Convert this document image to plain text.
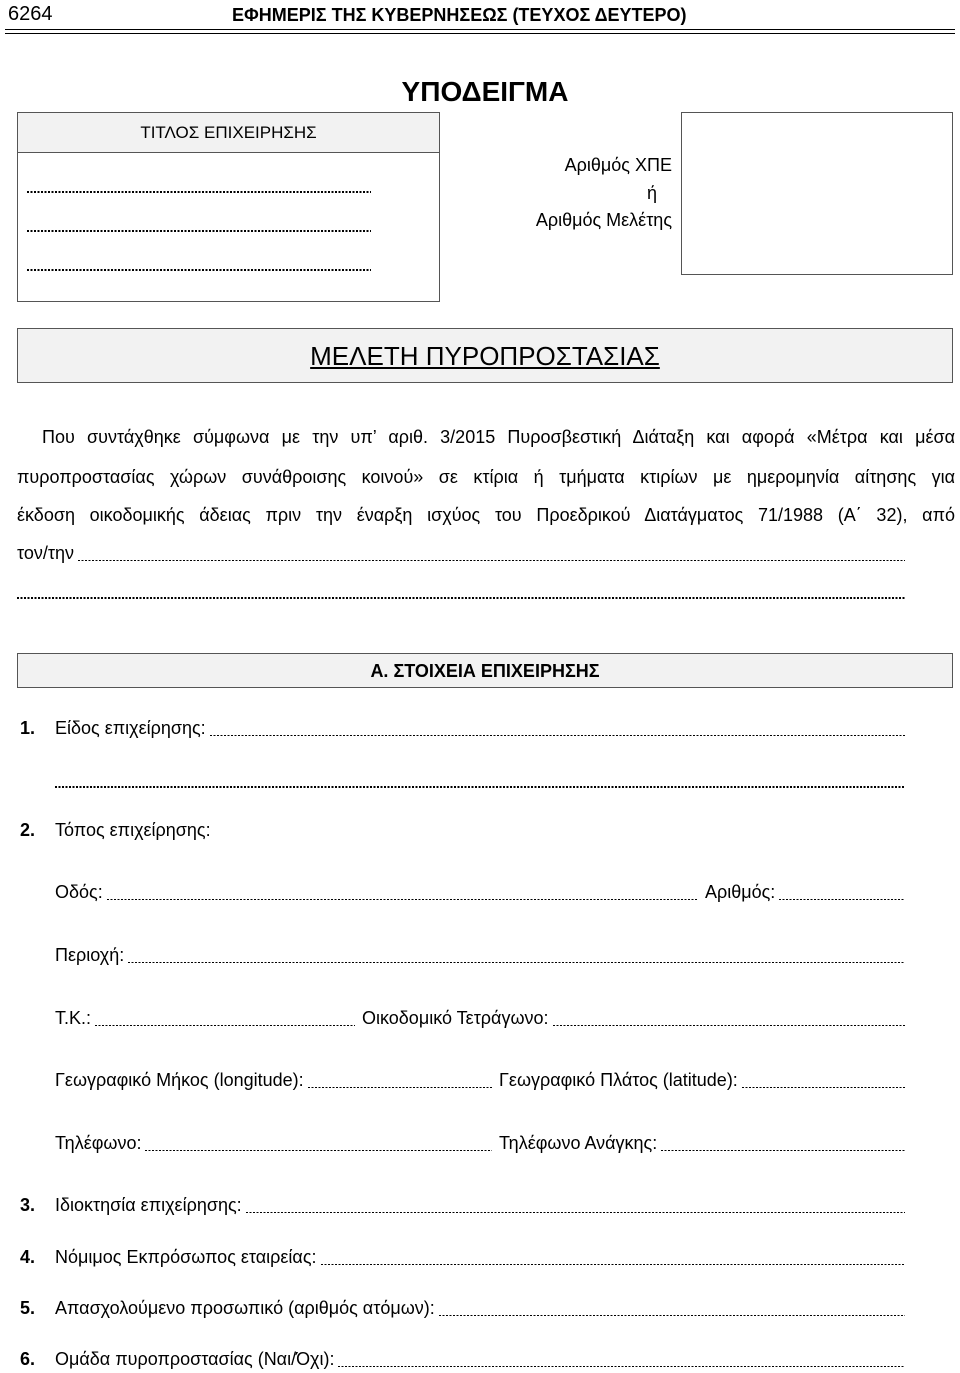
6264	ΕΦΗΜΕΡΙΣ ΤΗΣ ΚΥΒΕΡΝΗΣΕΩΣ (ΤΕΥΧΟΣ ΔΕΥΤΕΡΟ)
ΥΠΟΔΕΙΓΜΑ
ΤΙΤΛΟΣ ΕΠΙΧΕΙΡΗΣΗΣ
Αριθμός ΧΠΕ
ή
Αριθμός Μελέτης
ΜΕΛΕΤΗ ΠΥΡΟΠΡΟΣΤΑΣΙΑΣ
Που συντάχθηκε σύμφωνα με την υπ’ αριθ. 3/2015 Πυροσβεστική Διάταξη και αφορά «Μέτρα και μέσα
πυροπροστασίας χώρων συνάθροισης κοινού» σε κτίρια ή τμήματα κτιρίων με ημερομηνία αίτησης για
έκδοση οικοδομικής άδειας πριν την έναρξη ισχύος του Προεδρικού Διατάγματος 71/1988 (Α΄ 32), από
τον/την
Α. ΣΤΟΙΧΕΙΑ ΕΠΙΧΕΙΡΗΣΗΣ
1.	Είδος επιχείρησης:
2.	Τόπος επιχείρησης:
Οδός:	Αριθμός:
Περιοχή:
Τ.Κ.:	Οικοδομικό Τετράγωνο:
Γεωγραφικό Μήκος (longitude):	Γεωγραφικό Πλάτος (latitude):
Τηλέφωνο:	Τηλέφωνο Ανάγκης:
3.	Ιδιοκτησία επιχείρησης:
4.	Νόμιμος Εκπρόσωπος εταιρείας:
5.	Απασχολούμενο προσωπικό (αριθμός ατόμων):
6.	Ομάδα πυροπροστασίας (Ναι/Όχι):
